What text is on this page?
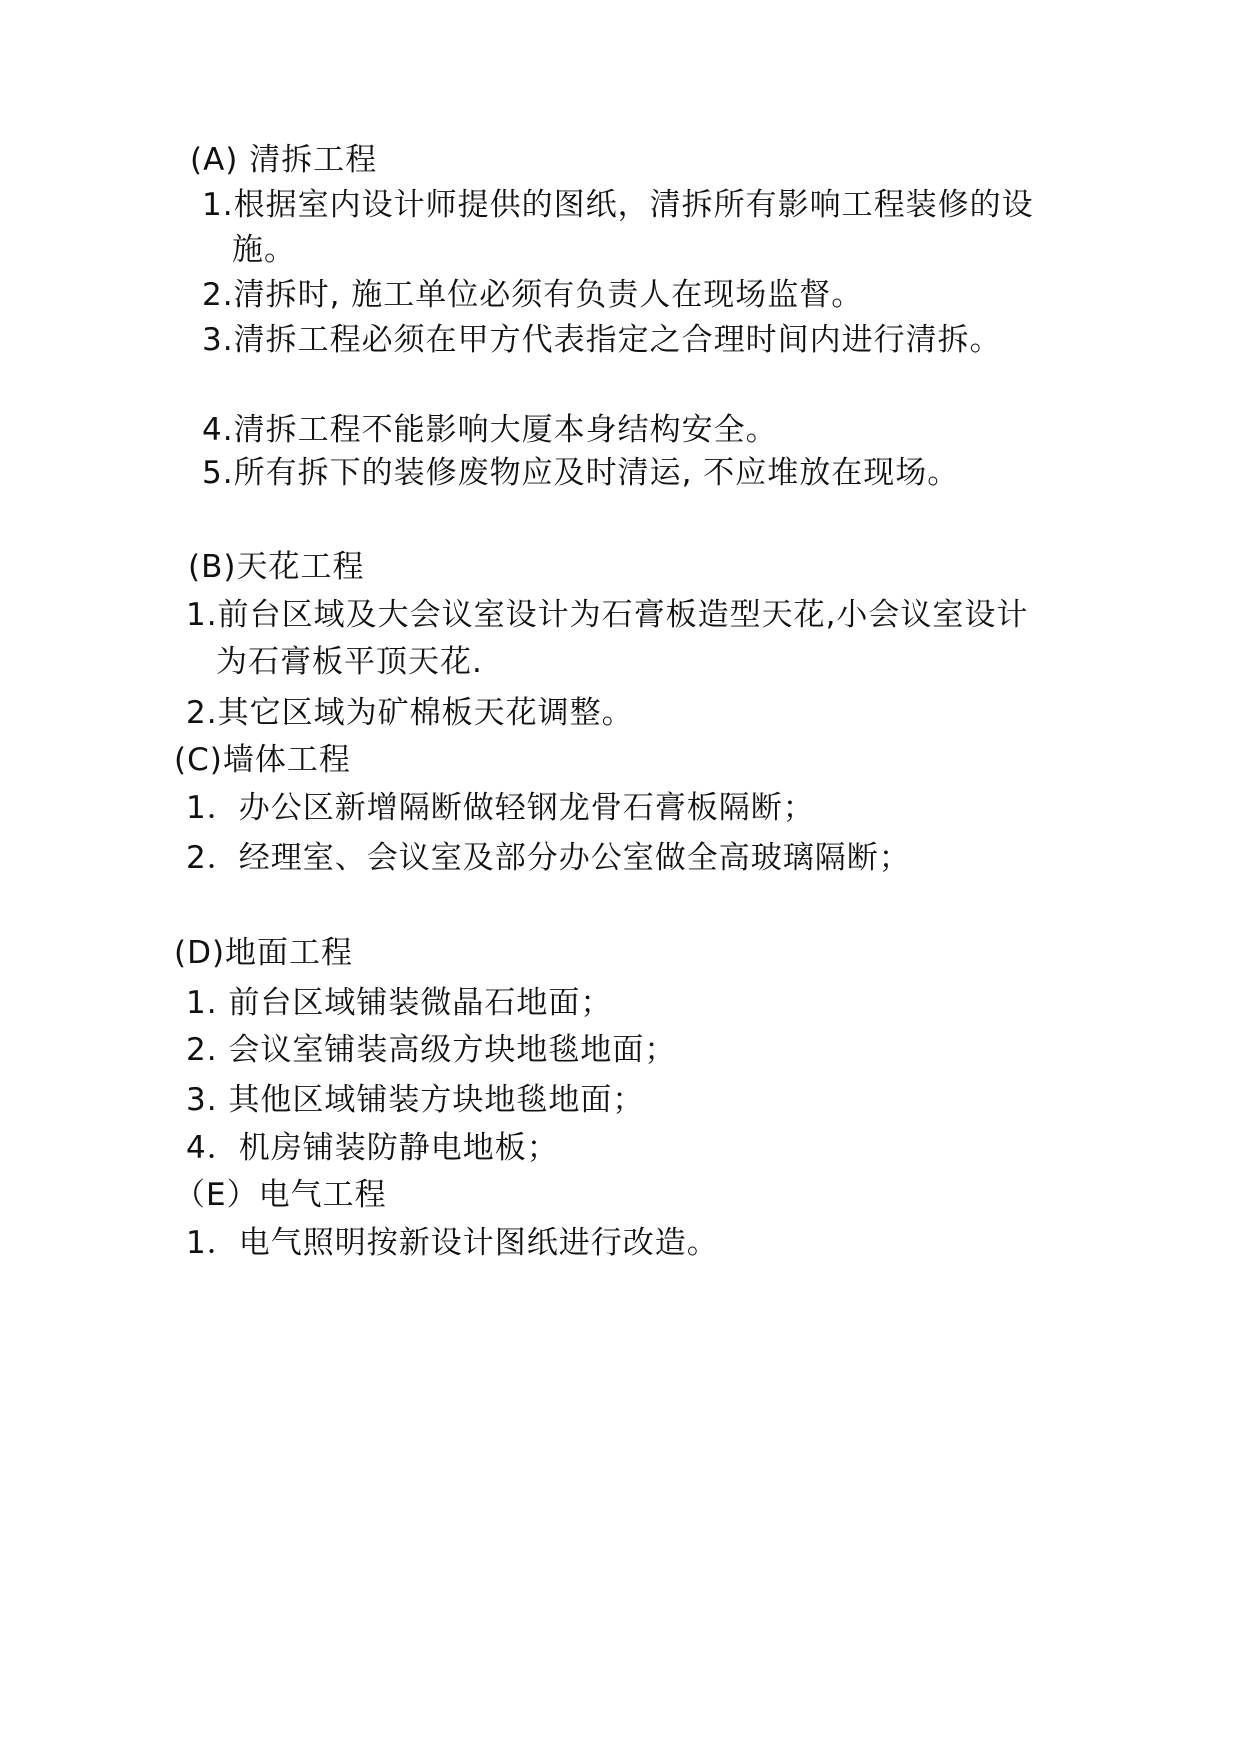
(A) 清拆工程
1.根据室内设计师提供的图纸，清拆所有影响工程装修的设
施。
2.清拆时, 施工单位必须有负责人在现场监督。
3.清拆工程必须在甲方代表指定之合理时间内进行清拆。
4.清拆工程不能影响大厦本身结构安全。
5.所有拆下的装修废物应及时清运, 不应堆放在现场。
(B)天花工程
1.前台区域及大会议室设计为石膏板造型天花,小会议室设计
为石膏板平顶天花.
2.其它区域为矿棉板天花调整。
(C)墙体工程
1．办公区新增隔断做轻钢龙骨石膏板隔断；
2．经理室、会议室及部分办公室做全高玻璃隔断；
(D)地面工程
1. 前台区域铺装微晶石地面；
2. 会议室铺装高级方块地毯地面；
3. 其他区域铺装方块地毯地面；
4．机房铺装防静电地板；
（E）电气工程
1．电气照明按新设计图纸进行改造。
